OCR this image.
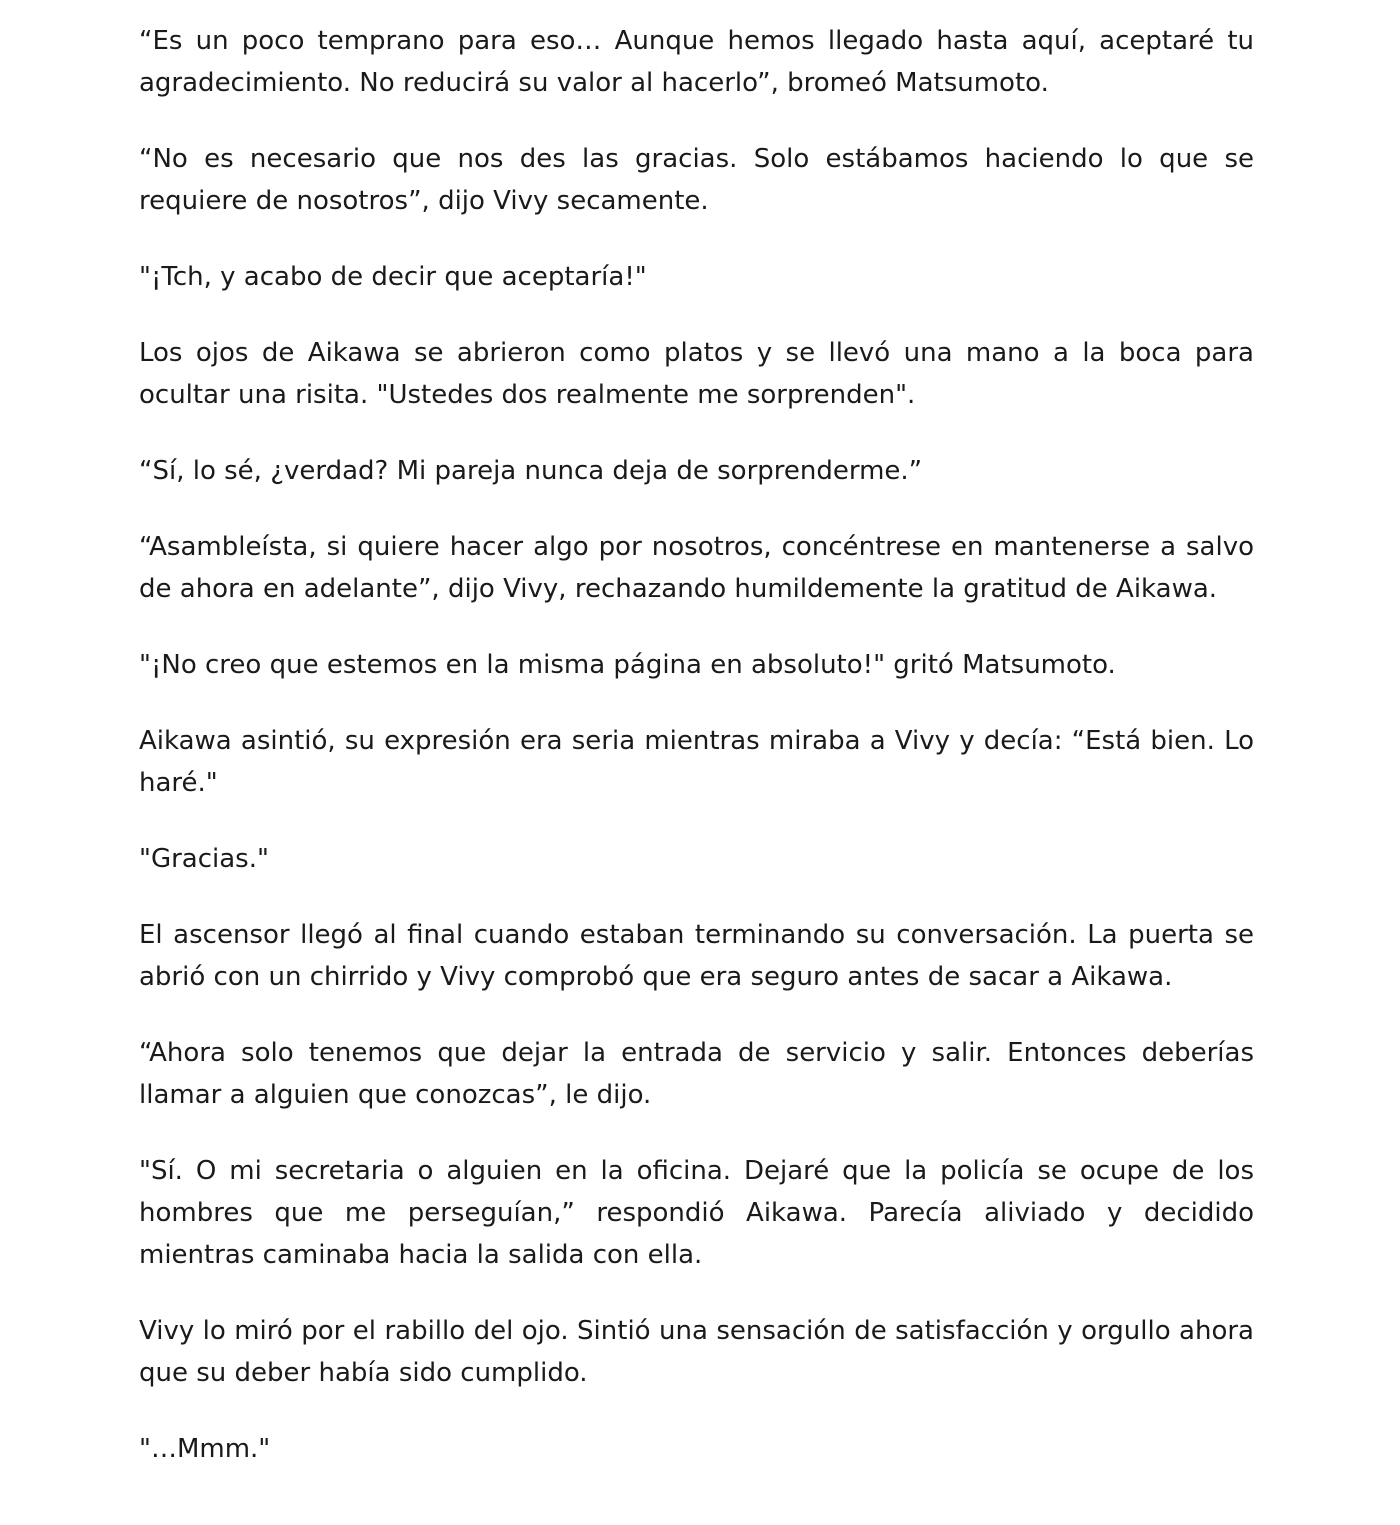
“Es un poco temprano para eso… Aunque hemos llegado hasta aquí, aceptaré tu agradecimiento. No reducirá su valor al hacerlo”, bromeó Matsumoto.

“No es necesario que nos des las gracias. Solo estábamos haciendo lo que se requiere de nosotros”, dijo Vivy secamente.

"¡Tch, y acabo de decir que aceptaría!"

Los ojos de Aikawa se abrieron como platos y se llevó una mano a la boca para ocultar una risita. "Ustedes dos realmente me sorprenden".

“Sí, lo sé, ¿verdad? Mi pareja nunca deja de sorprenderme.”

“Asambleísta, si quiere hacer algo por nosotros, concéntrese en mantenerse a salvo de ahora en adelante”, dijo Vivy, rechazando humildemente la gratitud de Aikawa.

"¡No creo que estemos en la misma página en absoluto!" gritó Matsumoto.

Aikawa asintió, su expresión era seria mientras miraba a Vivy y decía: “Está bien. Lo haré."

"Gracias."

El ascensor llegó al final cuando estaban terminando su conversación. La puerta se abrió con un chirrido y Vivy comprobó que era seguro antes de sacar a Aikawa.

“Ahora solo tenemos que dejar la entrada de servicio y salir. Entonces deberías llamar a alguien que conozcas”, le dijo.

"Sí. O mi secretaria o alguien en la oficina. Dejaré que la policía se ocupe de los hombres que me perseguían,” respondió Aikawa. Parecía aliviado y decidido mientras caminaba hacia la salida con ella.

Vivy lo miró por el rabillo del ojo. Sintió una sensación de satisfacción y orgullo ahora que su deber había sido cumplido.

"…Mmm."
